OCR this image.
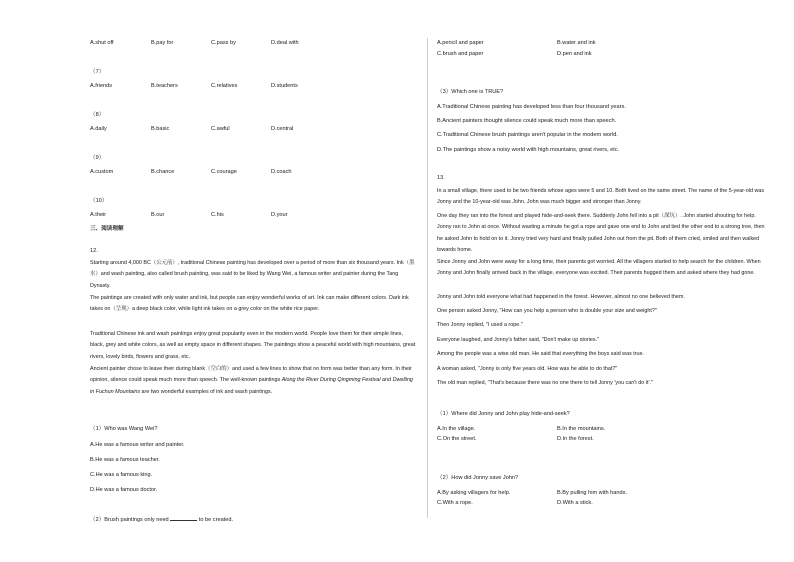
A.shut off	B.pay for	C.pass by	D.deal with
（7）
A.friends	B.teachers	C.relatives	D.students
（8）
A.daily	B.basic	C.awful	D.central
（9）
A.custom	B.chance	C.courage	D.coach
（10）
A.their	B.our	C.his	D.your
三、阅读理解
12.
Starting around 4,000 BC（公元前）, traditional Chinese painting has developed over a period of more than six thousand years. Ink（墨水）and wash painting, also called brush painting, was said to be liked by Wang Wei, a famous writer and painter during the Tang Dynasty.
The paintings are created with only water and ink, but people can enjoy wonderful works of art. Ink can make different colors. Dark ink takes on（呈现）a deep black color, while light ink takes on a grey color on the white rice paper.
Traditional Chinese ink and wash paintings enjoy great popularity even in the modern world. People love them for their simple lines, black, grey and white colors, as well as empty space in different shapes. The paintings show a peaceful world with high mountains, great rivers, lovely birds, flowers and grass, etc.
Ancient painter chose to leave their during blank（空白的）and used a few lines to show that no form was better than any form. In their opinion, silence could speak much more than speech. The well-known paintings Along the River During Qingming Festival and Dwelling in Fuchun Mountains are two wonderful examples of ink and wash paintings.
（1）Who was Wang Wei?
A.He was a famous writer and painter.
B.He was a famous teacher.
C.He was a famous king.
D.He was a famous doctor.
（2）Brush paintings only need	to be created.
A.pencil and paper	B.water and ink
C.brush and paper	D.pen and ink
（3）Which one is TRUE?
A.Traditional Chinese painting has developed less than four thousand years.
B.Ancient painters thought silence could speak much more than speech.
C.Traditional Chinese brush paintings aren't popular in the modern world.
D.The paintings show a noisy world with high mountains, great rivers, etc.
13.
In a small village, there used to be two friends whose ages were 5 and 10. Both lived on the same street. The name of the 5-year-old was Jonny and the 10-year-old was John. John was much bigger and stronger than Jonny.
One day they ran into the forest and played hide-and-seek there. Suddenly John fell into a pit（深坑）. John started shouting for help. Jonny ran to John at once. Without wasting a minute he got a rope and gave one end to John and tied the other end to a strong tree, then he asked John to hold on to it. Jonny tried very hard and finally pulled John out from the pit. Both of them cried, smiled and then walked towards home.
Since Jonny and John were away for a long time, their parents got worried. All the villagers started to help search for the children. When Jonny and John finally arrived back in the village, everyone was excited. Their parents hugged them and asked where they had gone.
Jonny and John told everyone what had happened in the forest. However, almost no one believed them.
One person asked Jonny, "How can you help a person who is double your size and weight?"
Then Jonny replied, "I used a rope."
Everyone laughed, and Jonny's father said, "Don't make up stories."
Among the people was a wise old man. He said that everything the boys said was true.
A woman asked, "Jonny is only five years old. How was he able to do that?"
The old man replied, "That's because there was no one there to tell Jonny 'you can't do it'."
（1）Where did Jonny and John play hide-and-seek?
A.In the village.	B.In the mountains.
C.On the street.	D.In the forest.
（2）How did Jonny save John?
A.By asking villagers for help.	B.By pulling him with hands.
C.With a rope.	D.With a stick.
